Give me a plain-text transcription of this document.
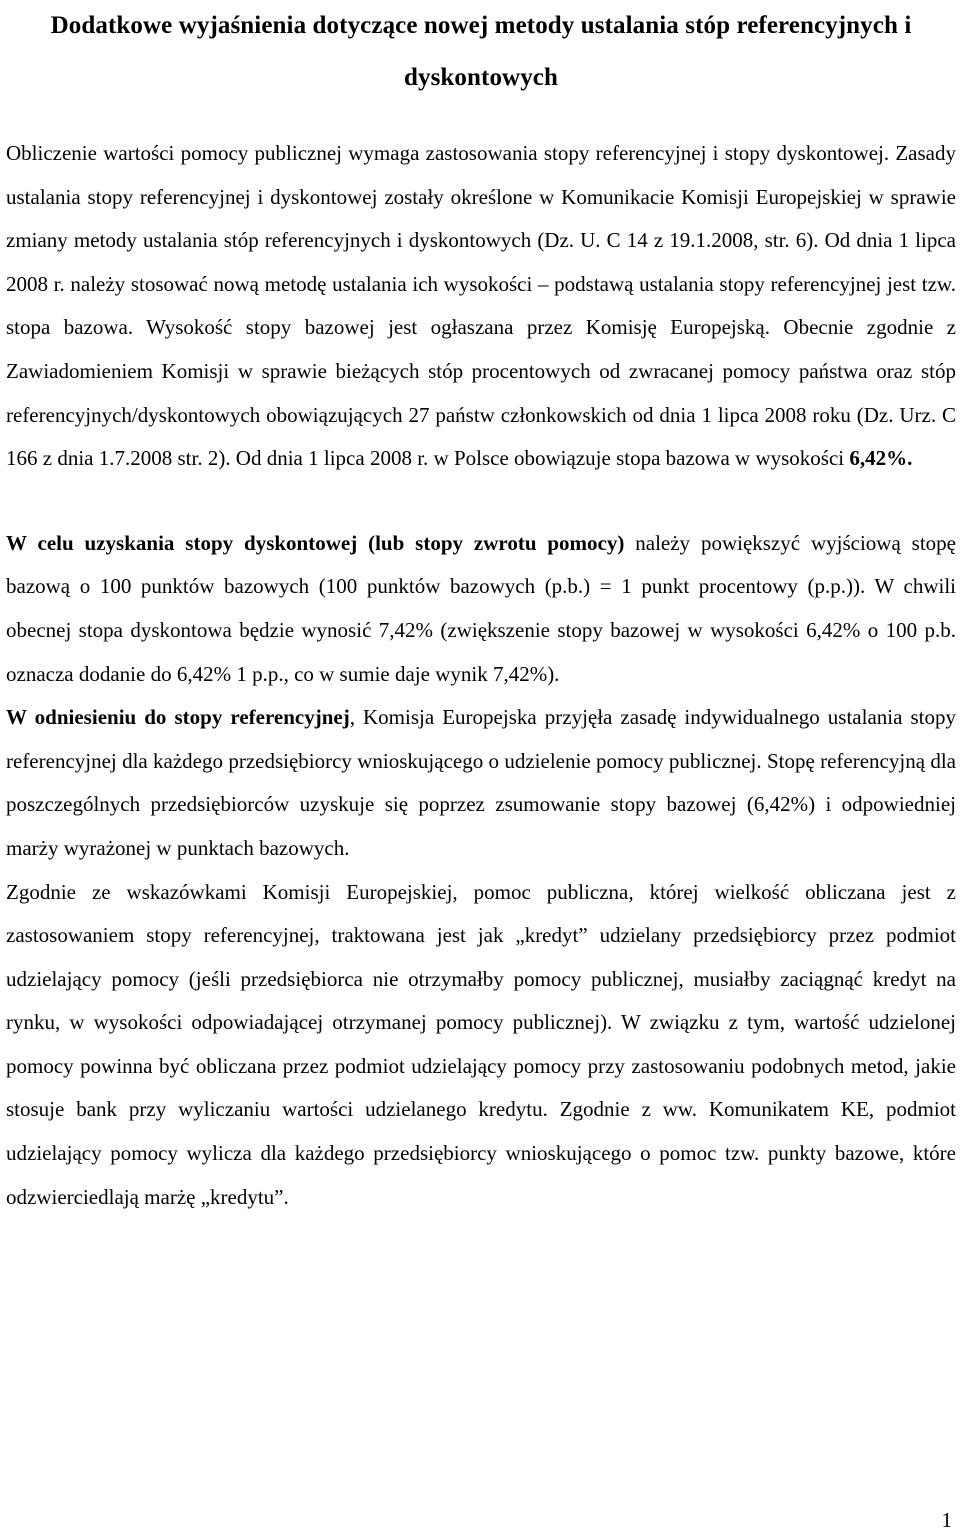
Dodatkowe wyjaśnienia dotyczące nowej metody ustalania stóp referencyjnych i dyskontowych

Obliczenie wartości pomocy publicznej wymaga zastosowania stopy referencyjnej i stopy dyskontowej. Zasady ustalania stopy referencyjnej i dyskontowej zostały określone w Komunikacie Komisji Europejskiej w sprawie zmiany metody ustalania stóp referencyjnych i dyskontowych (Dz. U. C 14 z 19.1.2008, str. 6). Od dnia 1 lipca 2008 r. należy stosować nową metodę ustalania ich wysokości – podstawą ustalania stopy referencyjnej jest tzw. stopa bazowa. Wysokość stopy bazowej jest ogłaszana przez Komisję Europejską. Obecnie zgodnie z Zawiadomieniem Komisji w sprawie bieżących stóp procentowych od zwracanej pomocy państwa oraz stóp referencyjnych/dyskontowych obowiązujących 27 państw członkowskich od dnia 1 lipca 2008 roku (Dz. Urz. C 166 z dnia 1.7.2008 str. 2). Od dnia 1 lipca 2008 r. w Polsce obowiązuje stopa bazowa w wysokości 6,42%.

W celu uzyskania stopy dyskontowej (lub stopy zwrotu pomocy) należy powiększyć wyjściową stopę bazową o 100 punktów bazowych (100 punktów bazowych (p.b.) = 1 punkt procentowy (p.p.)). W chwili obecnej stopa dyskontowa będzie wynosić 7,42% (zwiększenie stopy bazowej w wysokości 6,42% o 100 p.b. oznacza dodanie do 6,42% 1 p.p., co w sumie daje wynik 7,42%).

W odniesieniu do stopy referencyjnej, Komisja Europejska przyjęła zasadę indywidualnego ustalania stopy referencyjnej dla każdego przedsiębiorcy wnioskującego o udzielenie pomocy publicznej. Stopę referencyjną dla poszczególnych przedsiębiorców uzyskuje się poprzez zsumowanie stopy bazowej (6,42%) i odpowiedniej marży wyrażonej w punktach bazowych.

Zgodnie ze wskazówkami Komisji Europejskiej, pomoc publiczna, której wielkość obliczana jest z zastosowaniem stopy referencyjnej, traktowana jest jak „kredyt” udzielany przedsiębiorcy przez podmiot udzielający pomocy (jeśli przedsiębiorca nie otrzymałby pomocy publicznej, musiałby zaciągnąć kredyt na rynku, w wysokości odpowiadającej otrzymanej pomocy publicznej). W związku z tym, wartość udzielonej pomocy powinna być obliczana przez podmiot udzielający pomocy przy zastosowaniu podobnych metod, jakie stosuje bank przy wyliczaniu wartości udzielanego kredytu. Zgodnie z ww. Komunikatem KE, podmiot udzielający pomocy wylicza dla każdego przedsiębiorcy wnioskującego o pomoc tzw. punkty bazowe, które odzwierciedlają marżę „kredytu”.

1
